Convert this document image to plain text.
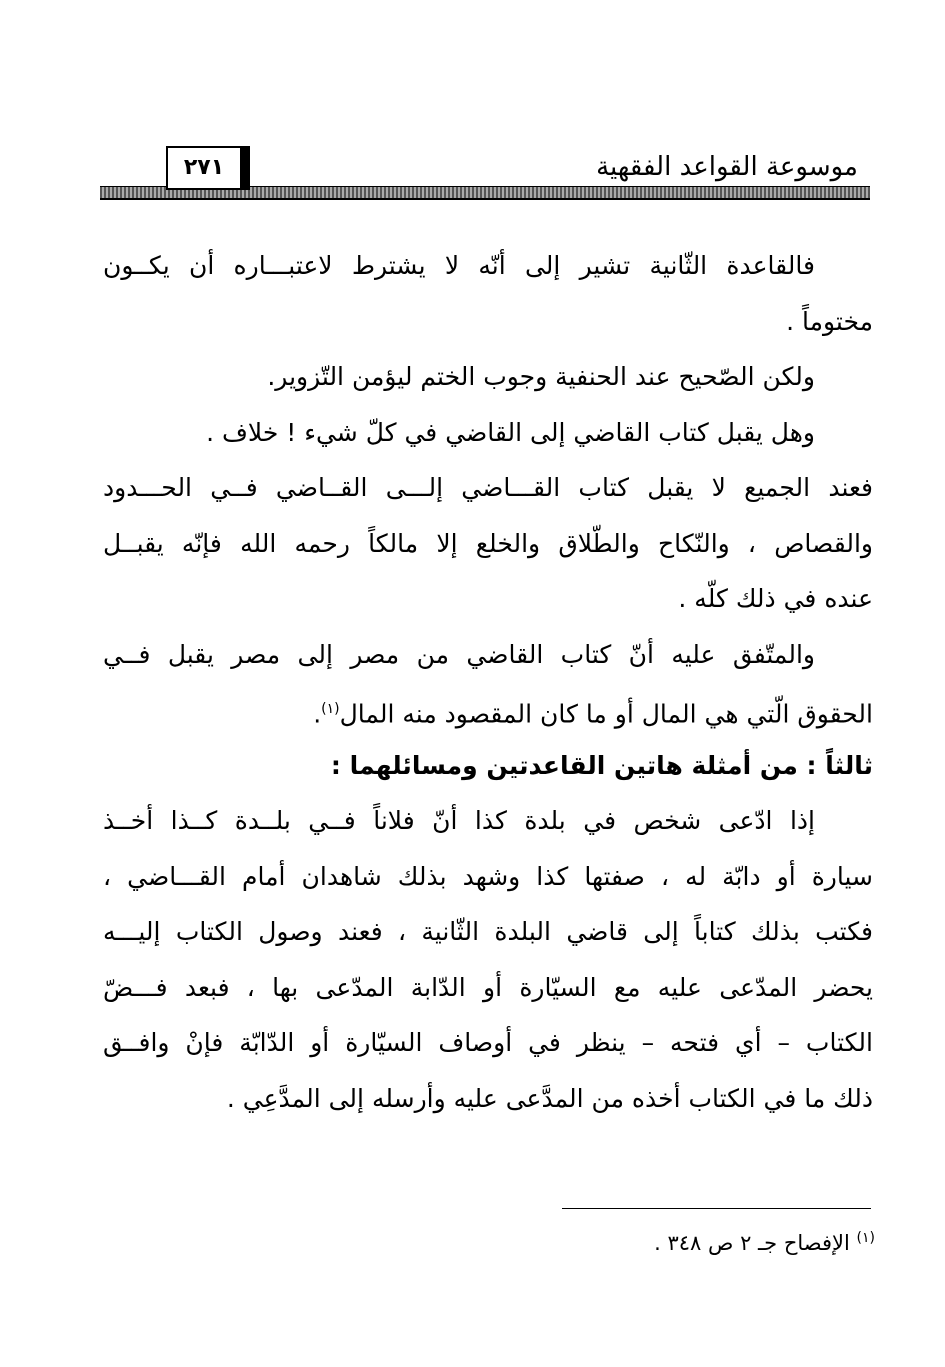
موسوعة القواعد الفقهية
٢٧١
فالقاعدة الثّانية تشير إلى أنّه لا يشترط لاعتبـــاره أن يكــون
مختوماً .
ولكن الصّحيح عند الحنفية وجوب الختم ليؤمن التّزوير.
وهل يقبل كتاب القاضي إلى القاضي في كلّ شيء ! خلاف .
فعند الجميع لا يقبل كتاب القـــاضي إلـــى القــاضي فــي الحـــدود
والقصاص ، والنّكاح والطّلاق والخلع إلا مالكاً رحمه الله فإنّه يقبــل
عنده في ذلك كلّه .
والمتّفق عليه أنّ كتاب القاضي من مصر إلى مصر يقبل فــي
الحقوق الّتي هي المال أو ما كان المقصود منه المال$^{(١)}$.
ثالثاً : من أمثلة هاتين القاعدتين ومسائلهما :
إذا ادّعى شخص في بلدة كذا أنّ فلاناً فــي بلــدة كــذا أخــذ
سيارة أو دابّة له ، صفتها كذا وشهد بذلك شاهدان أمام القـــاضي ،
فكتب بذلك كتاباً إلى قاضي البلدة الثّانية ، فعند وصول الكتاب إليـــه
يحضر المدّعى عليه مع السيّارة أو الدّابة المدّعى بها ، فبعد فـــضّ
الكتاب – أي فتحه – ينظر في أوصاف السيّارة أو الدّابّة فإنْ وافــق
ذلك ما في الكتاب أخذه من المدَّعى عليه وأرسله إلى المدَّعِي .
$^{(١)}$ الإفصاح جـ ٢ ص ٣٤٨ .
